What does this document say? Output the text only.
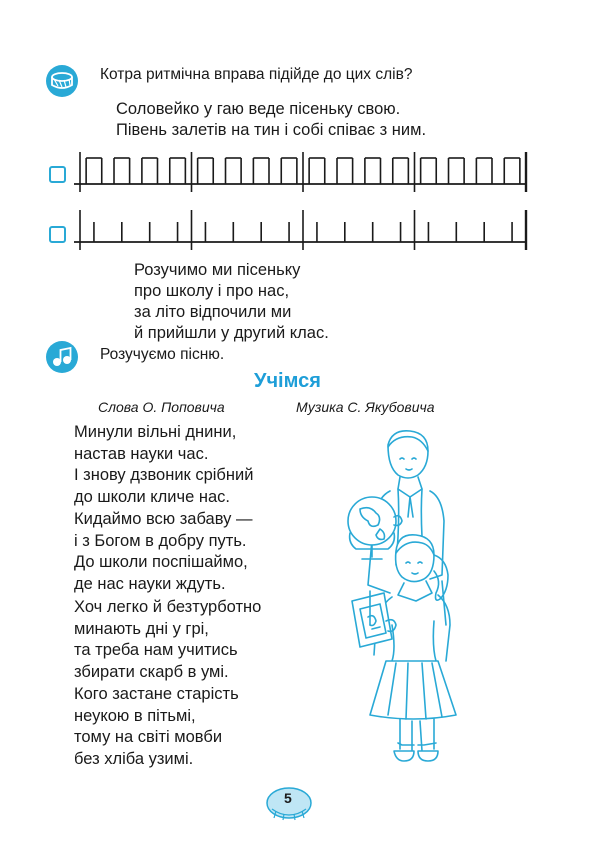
Котра ритмічна вправа підійде до цих слів?

Соловейко у гаю веде пісеньку свою.

Півень залетів на тин і собі співає з ним.

Розучимо ми пісеньку

про школу і про нас,

за літо відпочили ми

й прийшли у другий клас.

Розучуємо пісню.
Учімся
Слова О. Поповича	Музика С. Якубовича

Минули вільні днини,

настав науки час.

І знову дзвоник срібний

до школи кличе нас.

Кидаймо всю забаву —

і з Богом в добру путь.

До школи поспішаймо,

де нас науки ждуть.

Хоч легко й безтурботно

минають дні у грі,

та треба нам учитись

збирати скарб в умі.

Кого застане старість

неукою в пітьмі,

тому на світі мовби

без хліба узимі.

5
